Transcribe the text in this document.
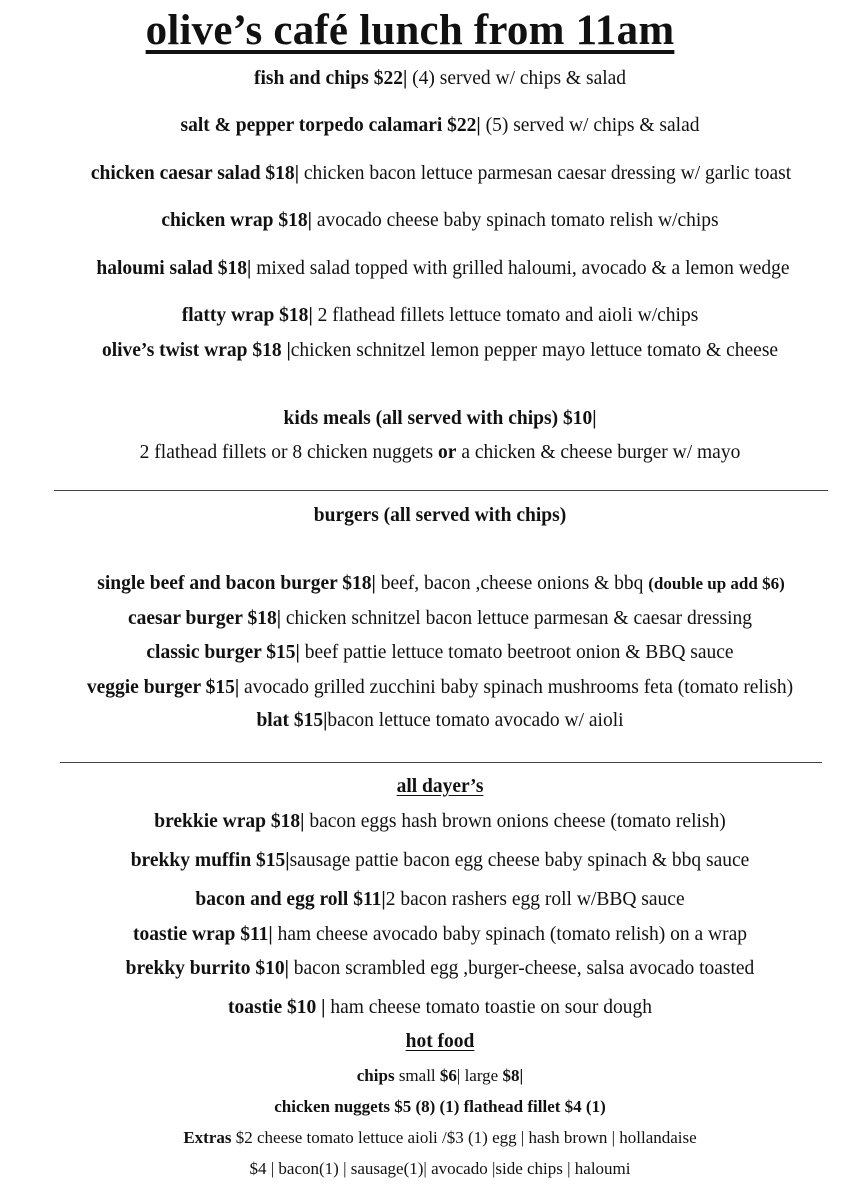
olive’s café lunch from 11am
fish and chips $22| (4) served w/ chips & salad
salt & pepper torpedo calamari $22| (5) served w/ chips & salad
chicken caesar salad $18| chicken bacon lettuce parmesan caesar dressing w/ garlic toast
chicken wrap $18| avocado cheese baby spinach tomato relish w/chips
haloumi salad $18| mixed salad topped with grilled haloumi, avocado & a lemon wedge
flatty wrap $18| 2 flathead fillets lettuce tomato and aioli w/chips
olive’s twist wrap $18 |chicken schnitzel lemon pepper mayo lettuce tomato & cheese
kids meals (all served with chips) $10|
2 flathead fillets or 8 chicken nuggets or a chicken & cheese burger w/ mayo
burgers (all served with chips)
single beef and bacon burger $18| beef, bacon ,cheese onions & bbq (double up add $6)
caesar burger $18| chicken schnitzel bacon lettuce parmesan & caesar dressing
classic burger $15| beef pattie lettuce tomato beetroot onion & BBQ sauce
veggie burger $15| avocado grilled zucchini baby spinach mushrooms feta (tomato relish)
blat $15|bacon lettuce tomato avocado w/ aioli
all dayer’s
brekkie wrap $18| bacon eggs hash brown onions cheese (tomato relish)
brekky muffin $15|sausage pattie bacon egg cheese baby spinach & bbq sauce
bacon and egg roll $11|2 bacon rashers egg roll w/BBQ sauce
toastie wrap $11| ham cheese avocado baby spinach (tomato relish) on a wrap
brekky burrito $10| bacon scrambled egg ,burger-cheese, salsa avocado toasted
toastie $10 | ham cheese tomato toastie on sour dough
hot food
chips small $6| large $8|
chicken nuggets $5 (8) (1) flathead fillet $4 (1)
Extras $2 cheese tomato lettuce aioli /$3 (1) egg | hash brown | hollandaise
$4 | bacon(1) | sausage(1)| avocado |side chips | haloumi
